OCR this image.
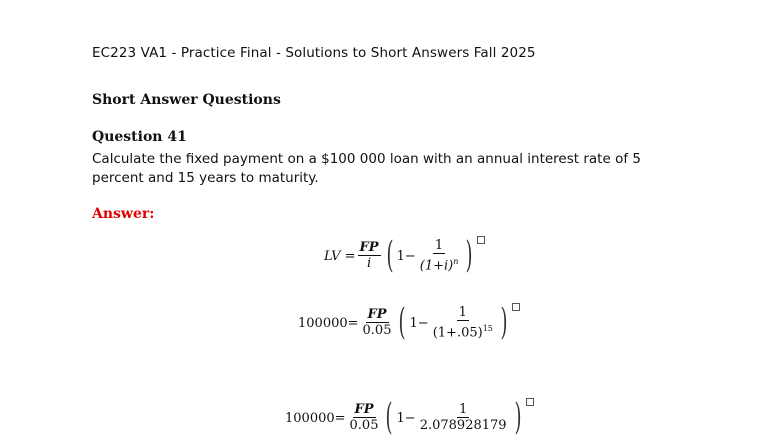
EC223 VA1 - Practice Final - Solutions to Short Answers Fall 2025
Short Answer Questions
Question 41
Calculate the fixed payment on a $100 000 loan with an annual interest rate of 5 percent and 15 years to maturity.
Answer:
LV = $\frac{FP}{i}$ ( $1- \frac{1}{(1+i)^n}$ )
$100000= \frac{FP}{0.05}$ ( $1- \frac{1}{(1+.05)^{15}}$ )
$100000= \frac{FP}{0.05}$ ( $1- \frac{1}{2.078928179}$ )
